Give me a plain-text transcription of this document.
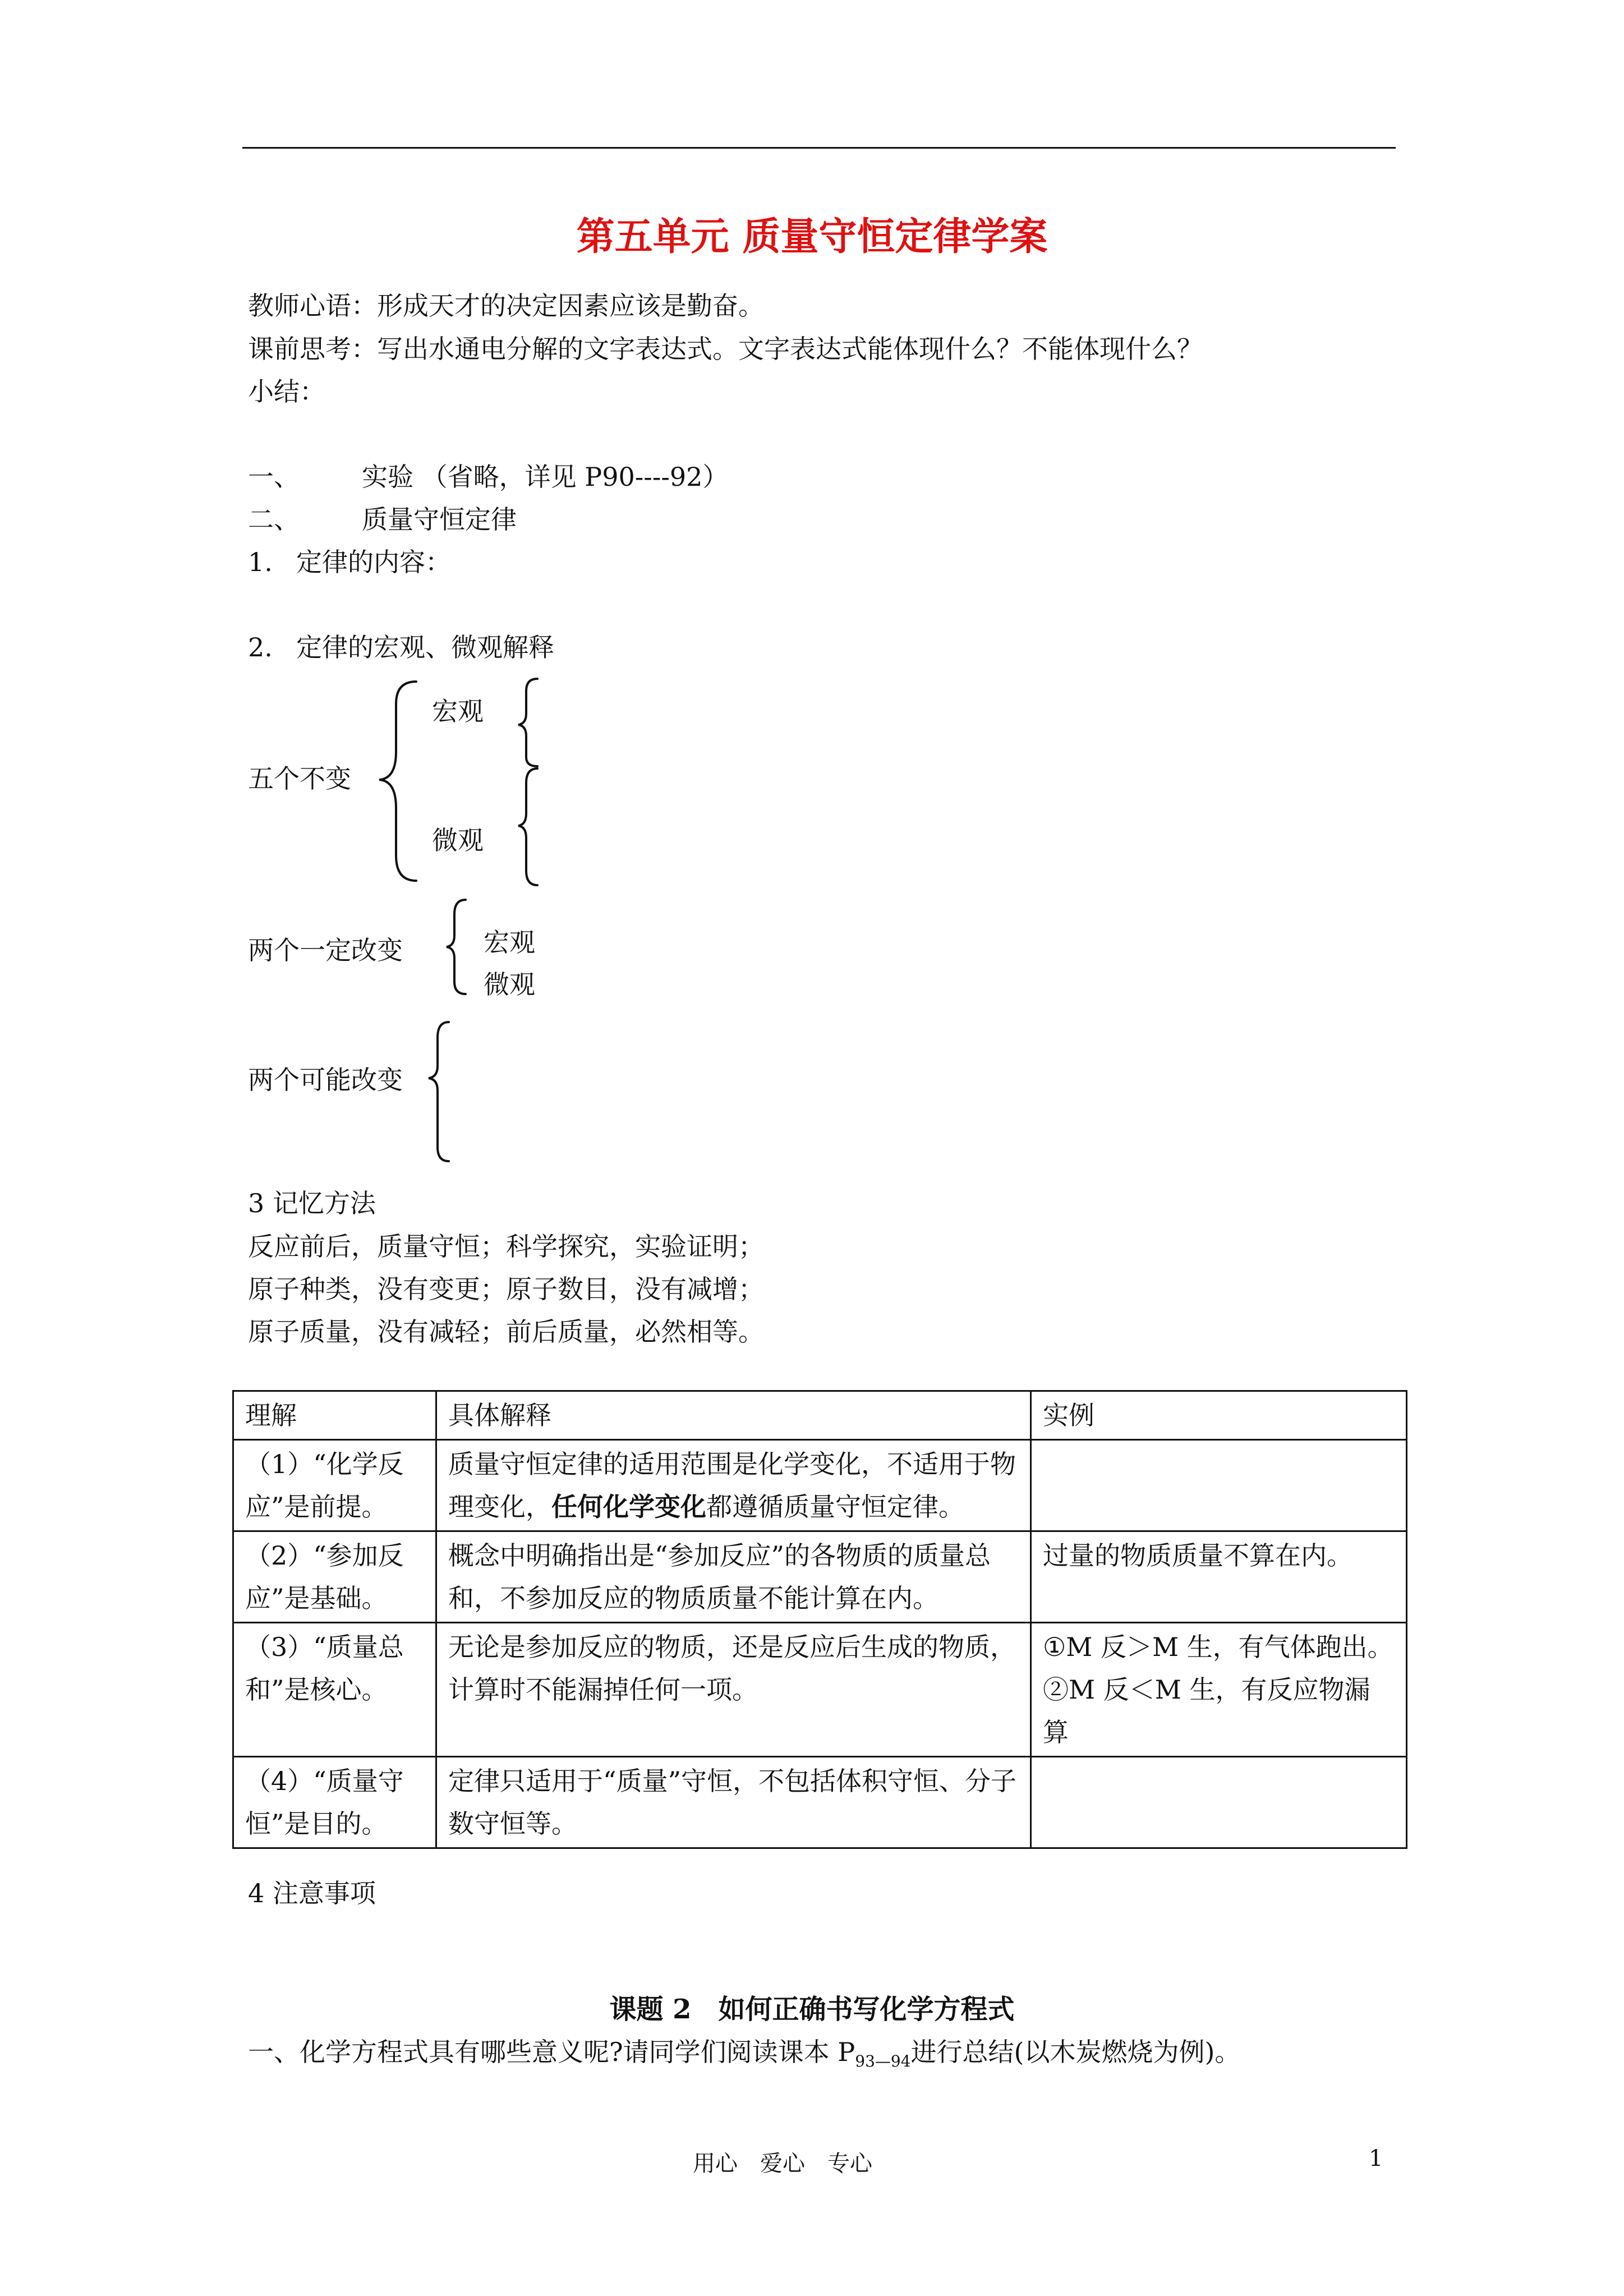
第五单元 质量守恒定律学案
教师心语：形成天才的决定因素应该是勤奋。
课前思考：写出水通电分解的文字表达式。文字表达式能体现什么？不能体现什么？
小结：
一、 实验 （省略，详见 P90----92）
二、 质量守恒定律
1. 定律的内容：
2. 定律的宏观、微观解释
五个不变
宏观
微观
两个一定改变	宏观
微观
两个可能改变
3 记忆方法
反应前后，质量守恒；科学探究，实验证明；
原子种类，没有变更；原子数目，没有减增；
原子质量，没有减轻；前后质量，必然相等。
理解	具体解释	实例
（1）“化学反应”是前提。	质量守恒定律的适用范围是化学变化，不适用于物理变化，任何化学变化都遵循质量守恒定律。	
（2）“参加反应”是基础。	概念中明确指出是“参加反应”的各物质的质量总和，不参加反应的物质质量不能计算在内。	过量的物质质量不算在内。
（3）“质量总和”是核心。	无论是参加反应的物质，还是反应后生成的物质，计算时不能漏掉任何一项。	①M 反＞M 生，有气体跑出。②M 反＜M 生，有反应物漏算
（4）“质量守恒”是目的。	定律只适用于“质量”守恒，不包括体积守恒、分子数守恒等。	
4 注意事项
课题 2　如何正确书写化学方程式
一、化学方程式具有哪些意义呢?请同学们阅读课本 $P_{93—94}$进行总结(以木炭燃烧为例)。
用心　爱心　专心	1
